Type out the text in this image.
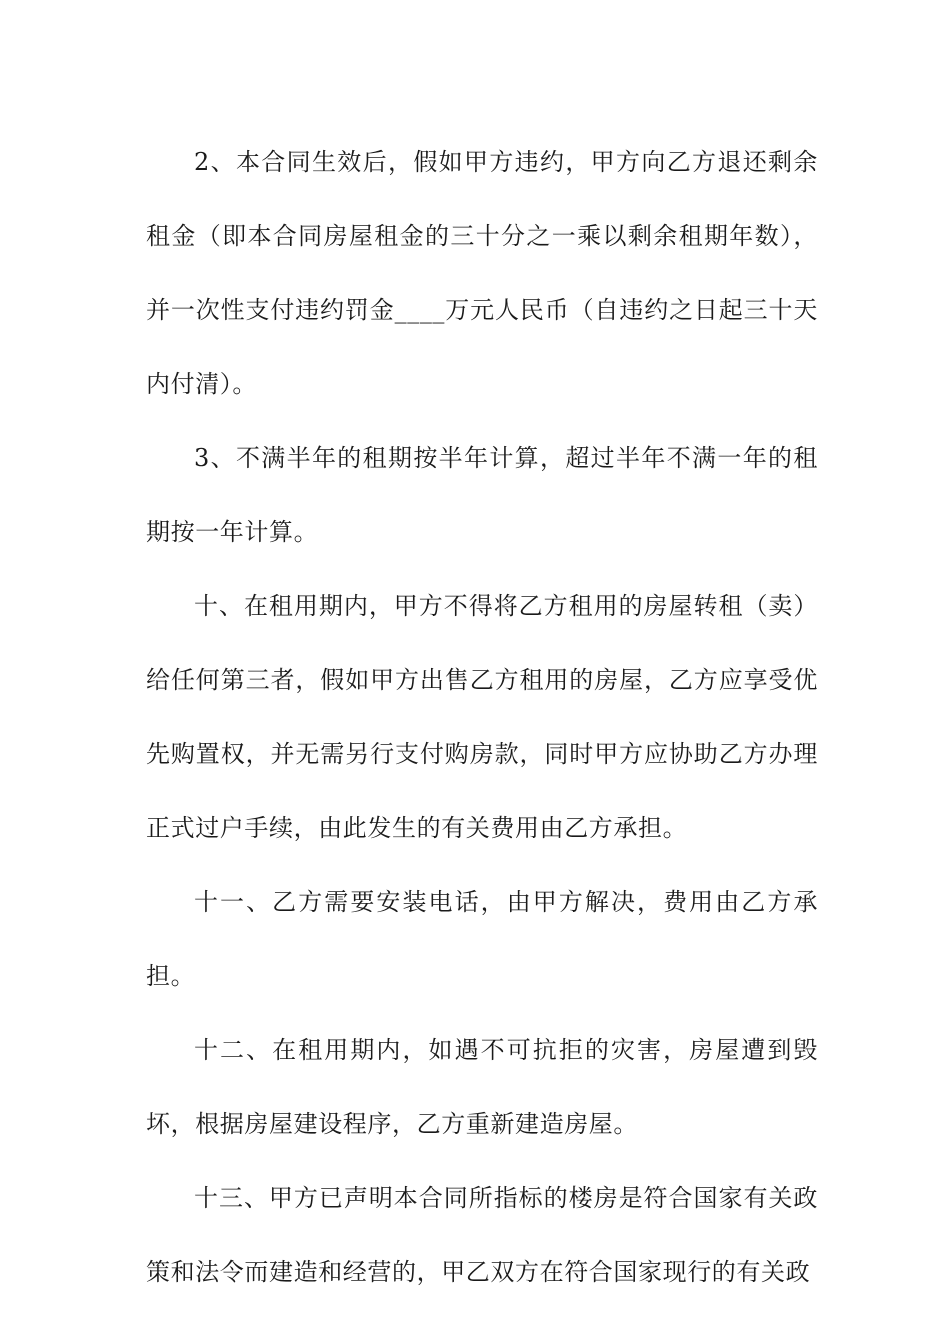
2、本合同生效后，假如甲方违约，甲方向乙方退还剩余租金（即本合同房屋租金的三十分之一乘以剩余租期年数），并一次性支付违约罚金____万元人民币（自违约之日起三十天内付清）。

3、不满半年的租期按半年计算，超过半年不满一年的租期按一年计算。

十、在租用期内，甲方不得将乙方租用的房屋转租（卖）给任何第三者，假如甲方出售乙方租用的房屋，乙方应享受优先购置权，并无需另行支付购房款，同时甲方应协助乙方办理正式过户手续，由此发生的有关费用由乙方承担。

十一、乙方需要安装电话，由甲方解决，费用由乙方承担。

十二、在租用期内，如遇不可抗拒的灾害，房屋遭到毁坏，根据房屋建设程序，乙方重新建造房屋。

十三、甲方已声明本合同所指标的楼房是符合国家有关政策和法令而建造和经营的，甲乙双方在符合国家现行的有关政
